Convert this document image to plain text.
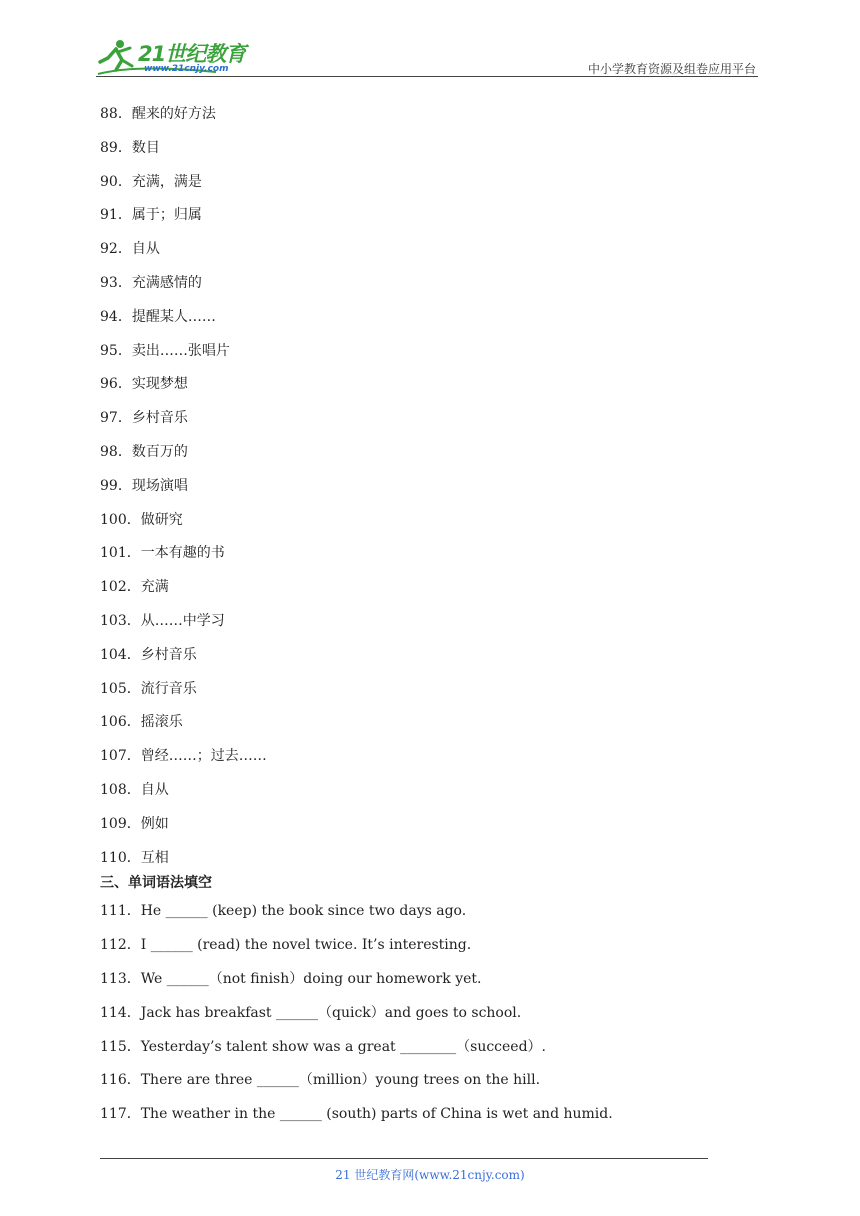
21世纪教育
www.21cnjy.com	中小学教育资源及组卷应用平台
88．醒来的好方法
89．数目
90．充满，满是
91．属于；归属
92．自从
93．充满感情的
94．提醒某人……
95．卖出……张唱片
96．实现梦想
97．乡村音乐
98．数百万的
99．现场演唱
100．做研究
101．一本有趣的书
102．充满
103．从……中学习
104．乡村音乐
105．流行音乐
106．摇滚乐
107．曾经……；过去……
108．自从
109．例如
110．互相
三、单词语法填空
111．He ______ (keep) the book since two days ago.
112．I ______ (read) the novel twice. It’s interesting.
113．We ______（not finish）doing our homework yet.
114．Jack has breakfast ______（quick）and goes to school.
115．Yesterday’s talent show was a great ________（succeed）.
116．There are three ______（million）young trees on the hill.
117．The weather in the ______ (south) parts of China is wet and humid.
21 世纪教育网(www.21cnjy.com)
